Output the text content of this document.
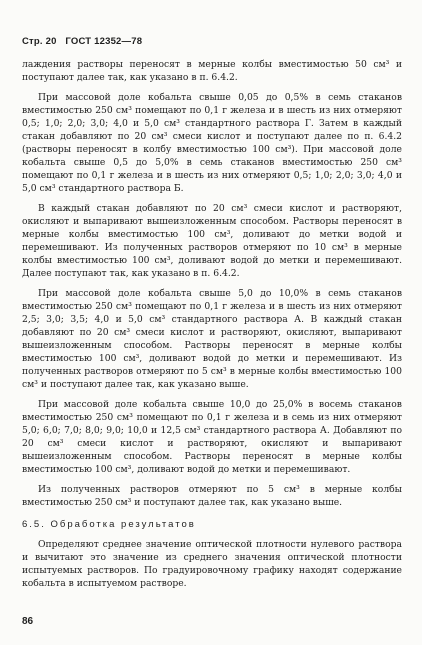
Стр. 20 ГОСТ 12352—78

лаждения растворы переносят в мерные колбы вместимостью 50 см³ и поступают далее так, как указано в п. 6.4.2.

При массовой доле кобальта свыше 0,05 до 0,5% в семь стаканов вместимостью 250 см³ помещают по 0,1 г железа и в шесть из них отмеряют 0,5; 1,0; 2,0; 3,0; 4,0 и 5,0 см³ стандартного раствора Г. Затем в каждый стакан добавляют по 20 см³ смеси кислот и поступают далее по п. 6.4.2 (растворы переносят в колбу вместимостью 100 см³). При массовой доле кобальта свыше 0,5 до 5,0% в семь стаканов вместимостью 250 см³ помещают по 0,1 г железа и в шесть из них отмеряют 0,5; 1,0; 2,0; 3,0; 4,0 и 5,0 см³ стандартного раствора Б.

В каждый стакан добавляют по 20 см³ смеси кислот и растворяют, окисляют и выпаривают вышеизложенным способом. Растворы переносят в мерные колбы вместимостью 100 см³, доливают до метки водой и перемешивают. Из полученных растворов отмеряют по 10 см³ в мерные колбы вместимостью 100 см³, доливают водой до метки и перемешивают. Далее поступают так, как указано в п. 6.4.2.

При массовой доле кобальта свыше 5,0 до 10,0% в семь стаканов вместимостью 250 см³ помещают по 0,1 г железа и в шесть из них отмеряют 2,5; 3,0; 3,5; 4,0 и 5,0 см³ стандартного раствора А. В каждый стакан добавляют по 20 см³ смеси кислот и растворяют, окисляют, выпаривают вышеизложенным способом. Растворы переносят в мерные колбы вместимостью 100 см³, доливают водой до метки и перемешивают. Из полученных растворов отмеряют по 5 см³ в мерные колбы вместимостью 100 см³ и поступают далее так, как указано выше.

При массовой доле кобальта свыше 10,0 до 25,0% в восемь стаканов вместимостью 250 см³ помещают по 0,1 г железа и в семь из них отмеряют 5,0; 6,0; 7,0; 8,0; 9,0; 10,0 и 12,5 см³ стандартного раствора А. Добавляют по 20 см³ смеси кислот и растворяют, окисляют и выпаривают вышеизложенным способом. Растворы переносят в мерные колбы вместимостью 100 см³, доливают водой до метки и перемешивают.

Из полученных растворов отмеряют по 5 см³ в мерные колбы вместимостью 250 см³ и поступают далее так, как указано выше.

6.5. Обработка результатов

Определяют среднее значение оптической плотности нулевого раствора и вычитают это значение из среднего значения оптической плотности испытуемых растворов. По градуировочному графику находят содержание кобальта в испытуемом растворе.

86
